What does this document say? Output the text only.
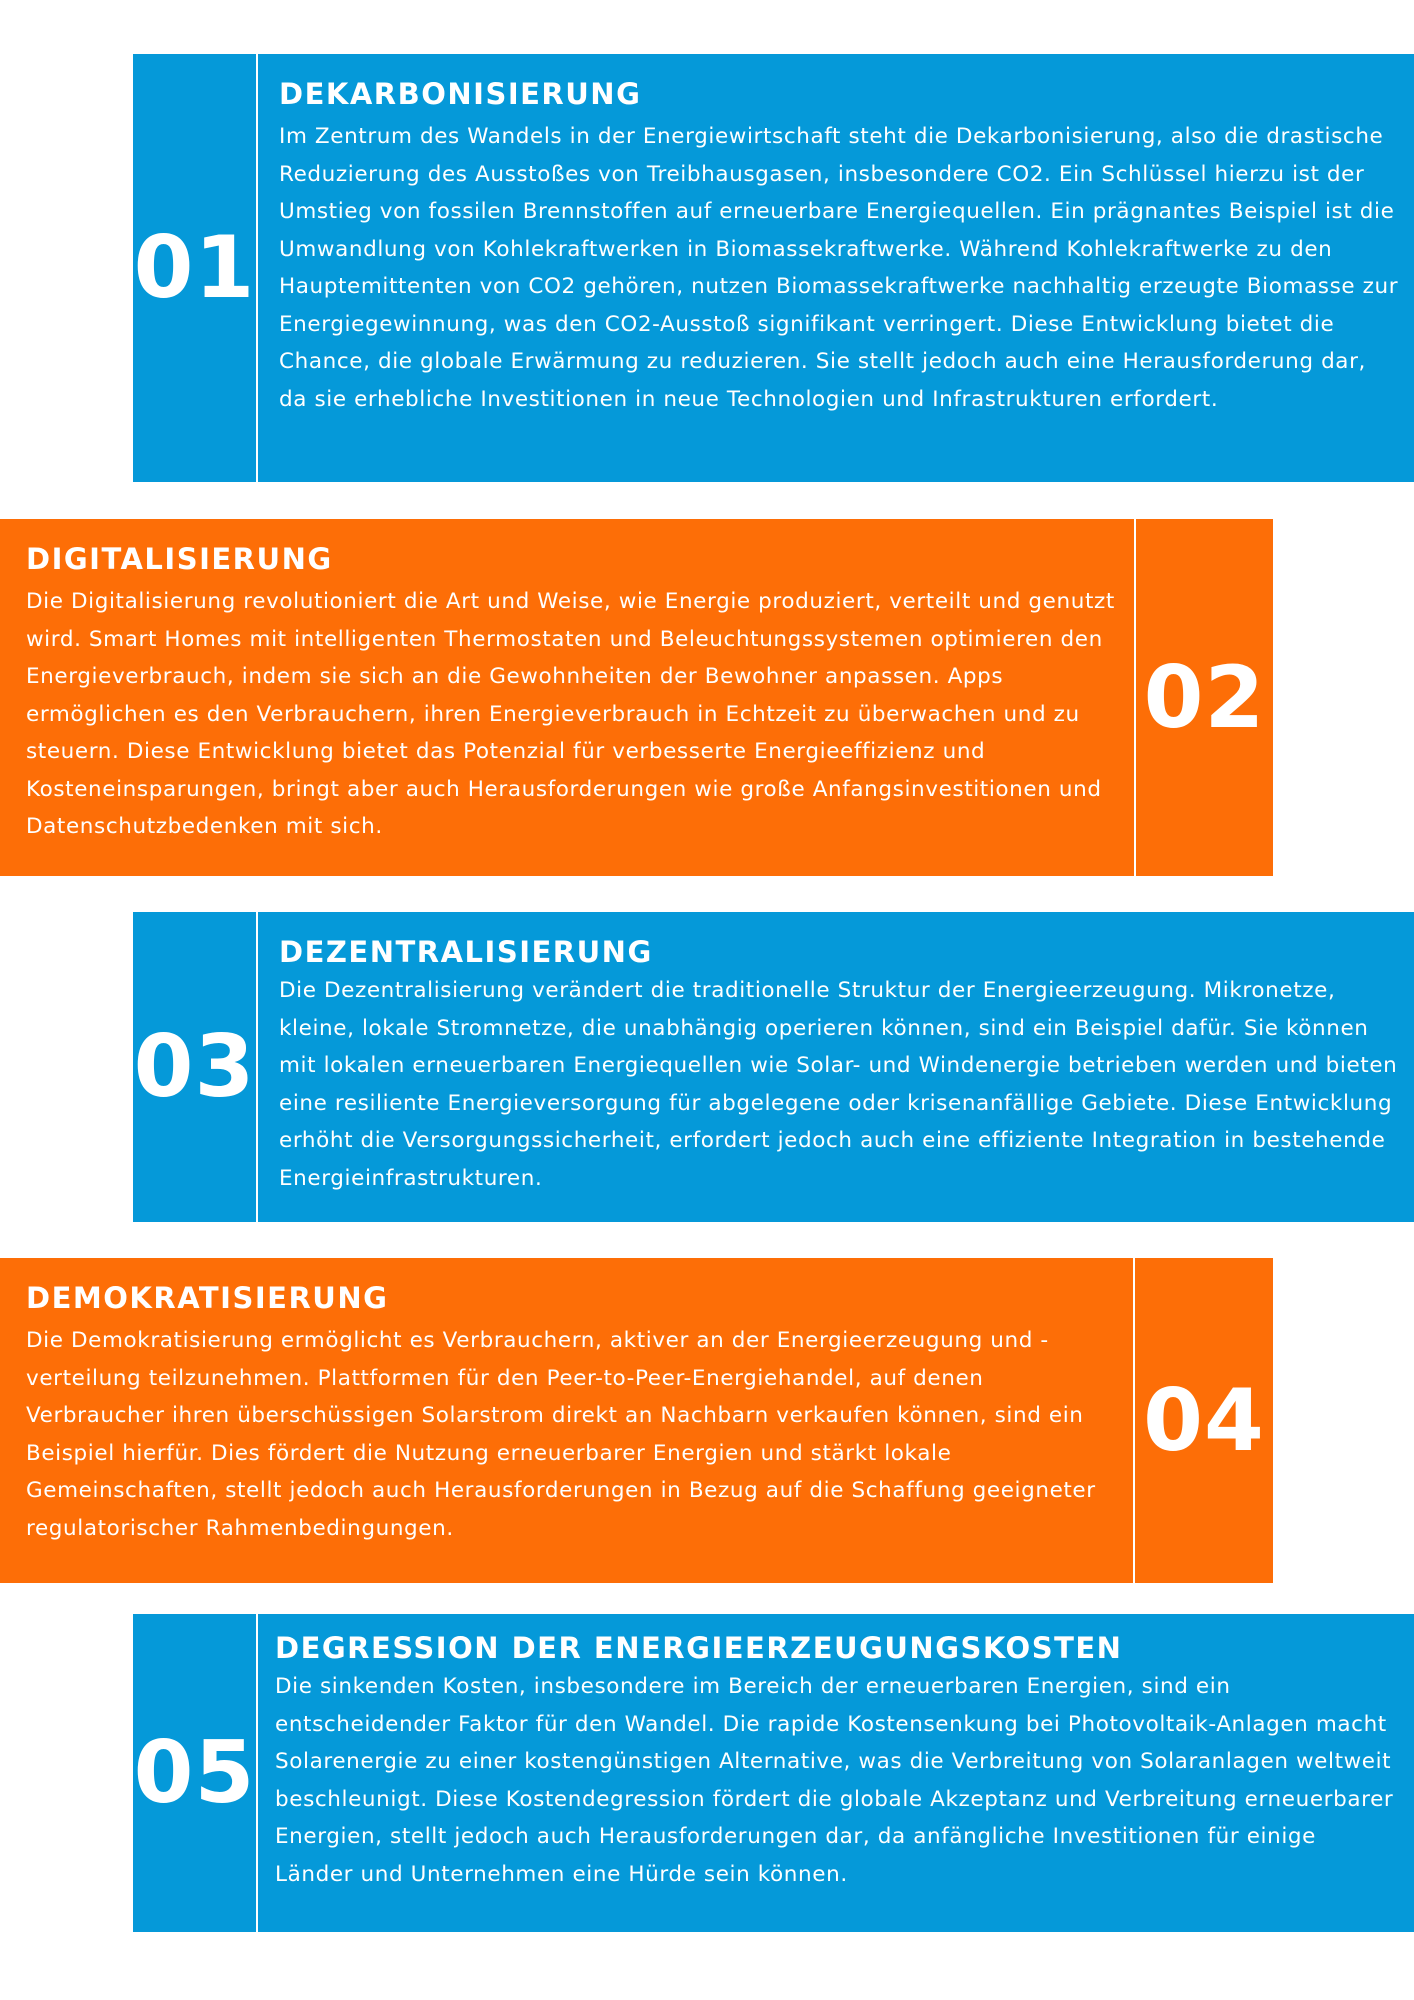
01
DEKARBONISIERUNG

Im Zentrum des Wandels in der Energiewirtschaft steht die Dekarbonisierung, also die drastische Reduzierung des Ausstoßes von Treibhausgasen, insbesondere CO2. Ein Schlüssel hierzu ist der Umstieg von fossilen Brennstoffen auf erneuerbare Energiequellen. Ein prägnantes Beispiel ist die Umwandlung von Kohlekraftwerken in Biomassekraftwerke. Während Kohlekraftwerke zu den Hauptemittenten von CO2 gehören, nutzen Biomassekraftwerke nachhaltig erzeugte Biomasse zur Energiegewinnung, was den CO2-Ausstoß signifikant verringert. Diese Entwicklung bietet die Chance, die globale Erwärmung zu reduzieren. Sie stellt jedoch auch eine Herausforderung dar, da sie erhebliche Investitionen in neue Technologien und Infrastrukturen erfordert.

DIGITALISIERUNG

Die Digitalisierung revolutioniert die Art und Weise, wie Energie produziert, verteilt und genutzt wird. Smart Homes mit intelligenten Thermostaten und Beleuchtungssystemen optimieren den Energieverbrauch, indem sie sich an die Gewohnheiten der Bewohner anpassen. Apps ermöglichen es den Verbrauchern, ihren Energieverbrauch in Echtzeit zu überwachen und zu steuern. Diese Entwicklung bietet das Potenzial für verbesserte Energieeffizienz und Kosteneinsparungen, bringt aber auch Herausforderungen wie große Anfangsinvestitionen und Datenschutzbedenken mit sich.

02
03
DEZENTRALISIERUNG

Die Dezentralisierung verändert die traditionelle Struktur der Energieerzeugung. Mikronetze, kleine, lokale Stromnetze, die unabhängig operieren können, sind ein Beispiel dafür. Sie können mit lokalen erneuerbaren Energiequellen wie Solar- und Windenergie betrieben werden und bieten eine resiliente Energieversorgung für abgelegene oder krisenanfällige Gebiete. Diese Entwicklung erhöht die Versorgungssicherheit, erfordert jedoch auch eine effiziente Integration in bestehende Energieinfrastrukturen.

DEMOKRATISIERUNG

Die Demokratisierung ermöglicht es Verbrauchern, aktiver an der Energieerzeugung und -verteilung teilzunehmen. Plattformen für den Peer-to-Peer-Energiehandel, auf denen Verbraucher ihren überschüssigen Solarstrom direkt an Nachbarn verkaufen können, sind ein Beispiel hierfür. Dies fördert die Nutzung erneuerbarer Energien und stärkt lokale Gemeinschaften, stellt jedoch auch Herausforderungen in Bezug auf die Schaffung geeigneter regulatorischer Rahmenbedingungen.

04
05
DEGRESSION DER ENERGIEERZEUGUNGSKOSTEN

Die sinkenden Kosten, insbesondere im Bereich der erneuerbaren Energien, sind ein entscheidender Faktor für den Wandel. Die rapide Kostensenkung bei Photovoltaik-Anlagen macht Solarenergie zu einer kostengünstigen Alternative, was die Verbreitung von Solaranlagen weltweit beschleunigt. Diese Kostendegression fördert die globale Akzeptanz und Verbreitung erneuerbarer Energien, stellt jedoch auch Herausforderungen dar, da anfängliche Investitionen für einige Länder und Unternehmen eine Hürde sein können.
